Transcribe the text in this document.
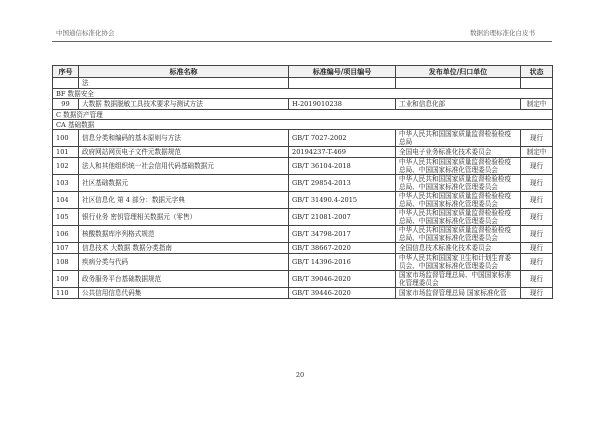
中国通信标准化协会	数据治理标准化白皮书
序号	标准名称	标准编号/项目编号	发布单位/归口单位	状态
	法			
BF 数据安全				
99	大数据 数据脱敏工具技术要求与测试方法	H-2019010238	工业和信息化部	制定中
C 数据资产管理				
CA 基础数据				
100	信息分类和编码的基本原则与方法	GB/T 7027-2002	中华人民共和国国家质量监督检验检疫总局	现行
101	政府网站网页电子文件元数据规范	20194237-T-469	全国电子业务标准化技术委员会	制定中
102	法人和其他组织统一社会信用代码基础数据元	GB/T 36104-2018	中华人民共和国国家质量监督检验检疫总局、中国国家标准化管理委员会	现行
103	社区基础数据元	GB/T 29854-2013	中华人民共和国国家质量监督检验检疫总局、中国国家标准化管理委员会	现行
104	社区信息化 第 4 部分：数据元字典	GB/T 31490.4-2015	中华人民共和国国家质量监督检验检疫总局、中国国家标准化管理委员会	现行
105	银行业务 密钥管理相关数据元（零售）	GB/T 21081-2007	中华人民共和国国家质量监督检验检疫总局、中国国家标准化管理委员会	现行
106	核酸数据库序列格式规范	GB/T 34798-2017	中华人民共和国国家质量监督检验检疫总局、中国国家标准化管理委员会	现行
107	信息技术 大数据 数据分类指南	GB/T 38667-2020	全国信息技术标准化技术委员会	现行
108	疾病分类与代码	GB/T 14396-2016	中华人民共和国国家卫生和计划生育委员会、中国国家标准化管理委员会	现行
109	政务服务平台基础数据规范	GB/T 39046-2020	国家市场监督管理总局、中国国家标准化管理委员会	现行
110	公共信用信息代码集	GB/T 39446-2020	国家市场监督管理总局 国家标准化管	现行
20
